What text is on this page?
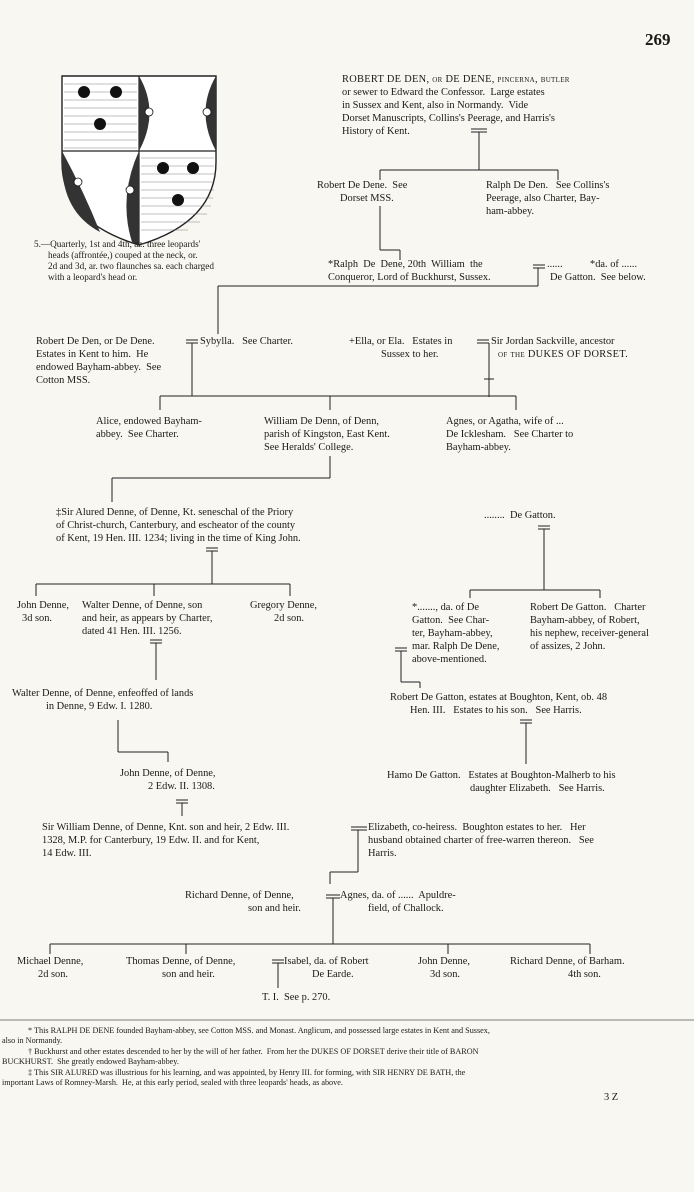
269
5.—Quarterly, 1st and 4th, az. three leopards'
heads (affrontée,) couped at the neck, or.
2d and 3d, ar. two flaunches sa. each charged
with a leopard's head or.
ROBERT DE DEN, or DE DENE, pincerna, butler
or sewer to Edward the Confessor.  Large estates
in Sussex and Kent, also in Normandy.  Vide
Dorset Manuscripts, Collins's Peerage, and Harris's
History of Kent.
Robert De Dene.  See
Dorset MSS.
Ralph De Den.   See Collins's
Peerage, also Charter, Bay-
ham-abbey.
*Ralph  De  Dene, 20th  William  the
Conqueror, Lord of Buckhurst, Sussex.
......	*da. of ......
De Gatton.  See below.
Robert De Den, or De Dene.
Estates in Kent to him.  He
endowed Bayham-abbey.  See
Cotton MSS.
Sybylla.   See Charter.	+Ella, or Ela.   Estates in
Sussex to her.
Sir Jordan Sackville, ancestor
of the DUKES OF DORSET.
Alice, endowed Bayham-
abbey.  See Charter.
William De Denn, of Denn,
parish of Kingston, East Kent.
See Heralds' College.
Agnes, or Agatha, wife of ...
De Icklesham.   See Charter to
Bayham-abbey.
‡Sir Alured Denne, of Denne, Kt. seneschal of the Priory
of Christ-church, Canterbury, and escheator of the county
of Kent, 19 Hen. III. 1234; living in the time of King John.
........  De Gatton.
John Denne,
3d son.
Walter Denne, of Denne, son
and heir, as appears by Charter,
dated 41 Hen. III. 1256.
Gregory Denne,
2d son.
*......., da. of De
Gatton.  See Char-
ter, Bayham-abbey,
mar. Ralph De Dene,
above-mentioned.
Robert De Gatton.   Charter
Bayham-abbey, of Robert,
his nephew, receiver-general
of assizes, 2 John.
Walter Denne, of Denne, enfeoffed of lands
in Denne, 9 Edw. I. 1280.
Robert De Gatton, estates at Boughton, Kent, ob. 48
Hen. III.   Estates to his son.   See Harris.
John Denne, of Denne,
2 Edw. II. 1308.
Hamo De Gatton.   Estates at Boughton-Malherb to his
daughter Elizabeth.   See Harris.
Sir William Denne, of Denne, Knt. son and heir, 2 Edw. III.
1328, M.P. for Canterbury, 19 Edw. II. and for Kent,
14 Edw. III.
Elizabeth, co-heiress.  Boughton estates to her.   Her
husband obtained charter of free-warren thereon.   See
Harris.
Richard Denne, of Denne,
son and heir.
Agnes, da. of ......  Apuldre-
field, of Challock.
Michael Denne,
2d son.
Thomas Denne, of Denne,
son and heir.
Isabel, da. of Robert
De Earde.
John Denne,
3d son.
Richard Denne, of Barham.
4th son.
T. I.  See p. 270.
* This RALPH DE DENE founded Bayham-abbey, see Cotton MSS. and Monast. Anglicum, and possessed large estates in Kent and Sussex,
also in Normandy.
† Buckhurst and other estates descended to her by the will of her father.  From her the DUKES OF DORSET derive their title of BARON
BUCKHURST.  She greatly endowed Bayham-abbey.
‡ This SIR ALURED was illustrious for his learning, and was appointed, by Henry III. for forming, with SIR HENRY DE BATH, the
important Laws of Romney-Marsh.  He, at this early period, sealed with three leopards' heads, as above.
3 Z
